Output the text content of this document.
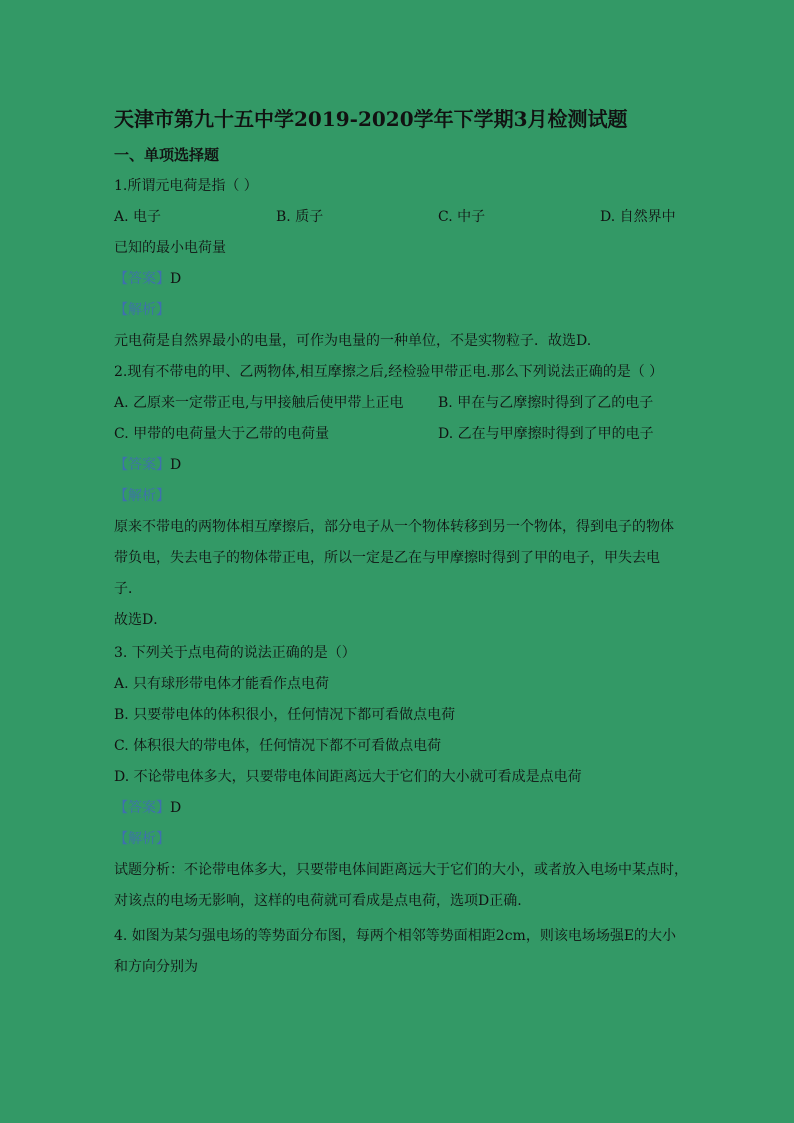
天津市第九十五中学2019-2020学年下学期3月检测试题
一、单项选择题
1.所谓元电荷是指（ ）
A. 电子	B. 质子	C. 中子	D. 自然界中
已知的最小电荷量
【答案】D
【解析】
元电荷是自然界最小的电量，可作为电量的一种单位，不是实物粒子．故选D.
2.现有不带电的甲、乙两物体,相互摩擦之后,经检验甲带正电.那么下列说法正确的是（ ）
A. 乙原来一定带正电,与甲接触后使甲带上正电 B. 甲在与乙摩擦时得到了乙的电子
C. 甲带的电荷量大于乙带的电荷量	D. 乙在与甲摩擦时得到了甲的电子
【答案】D
【解析】
原来不带电的两物体相互摩擦后，部分电子从一个物体转移到另一个物体，得到电子的物体
带负电，失去电子的物体带正电，所以一定是乙在与甲摩擦时得到了甲的电子，甲失去电
子．
故选D．
3. 下列关于点电荷的说法正确的是（）
A. 只有球形带电体才能看作点电荷
B. 只要带电体的体积很小，任何情况下都可看做点电荷
C. 体积很大的带电体，任何情况下都不可看做点电荷
D. 不论带电体多大，只要带电体间距离远大于它们的大小就可看成是点电荷
【答案】D
【解析】
试题分析：不论带电体多大，只要带电体间距离远大于它们的大小，或者放入电场中某点时，
对该点的电场无影响，这样的电荷就可看成是点电荷，选项D正确.
4. 如图为某匀强电场的等势面分布图，每两个相邻等势面相距2cm，则该电场场强E的大小
和方向分别为
